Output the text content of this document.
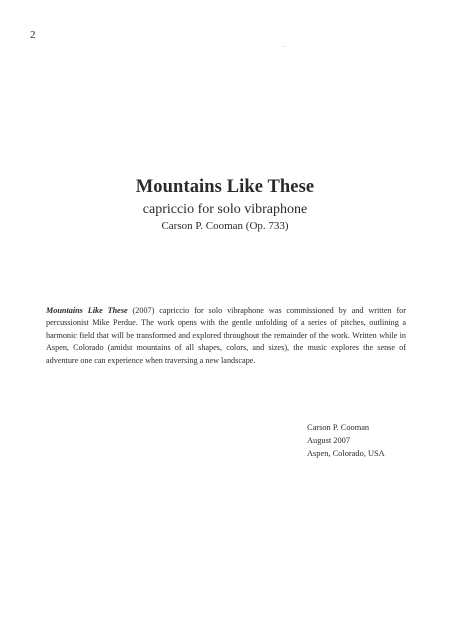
2
Mountains Like These
capriccio for solo vibraphone
Carson P. Cooman (Op. 733)
Mountains Like These (2007) capriccio for solo vibraphone was commissioned by and written for percussionist Mike Perdue. The work opens with the gentle unfolding of a series of pitches, outlining a harmonic field that will be transformed and explored throughout the remainder of the work. Written while in Aspen, Colorado (amidst mountains of all shapes, colors, and sizes), the music explores the sense of adventure one can experience when traversing a new landscape.
Carson P. Cooman
August 2007
Aspen, Colorado, USA
